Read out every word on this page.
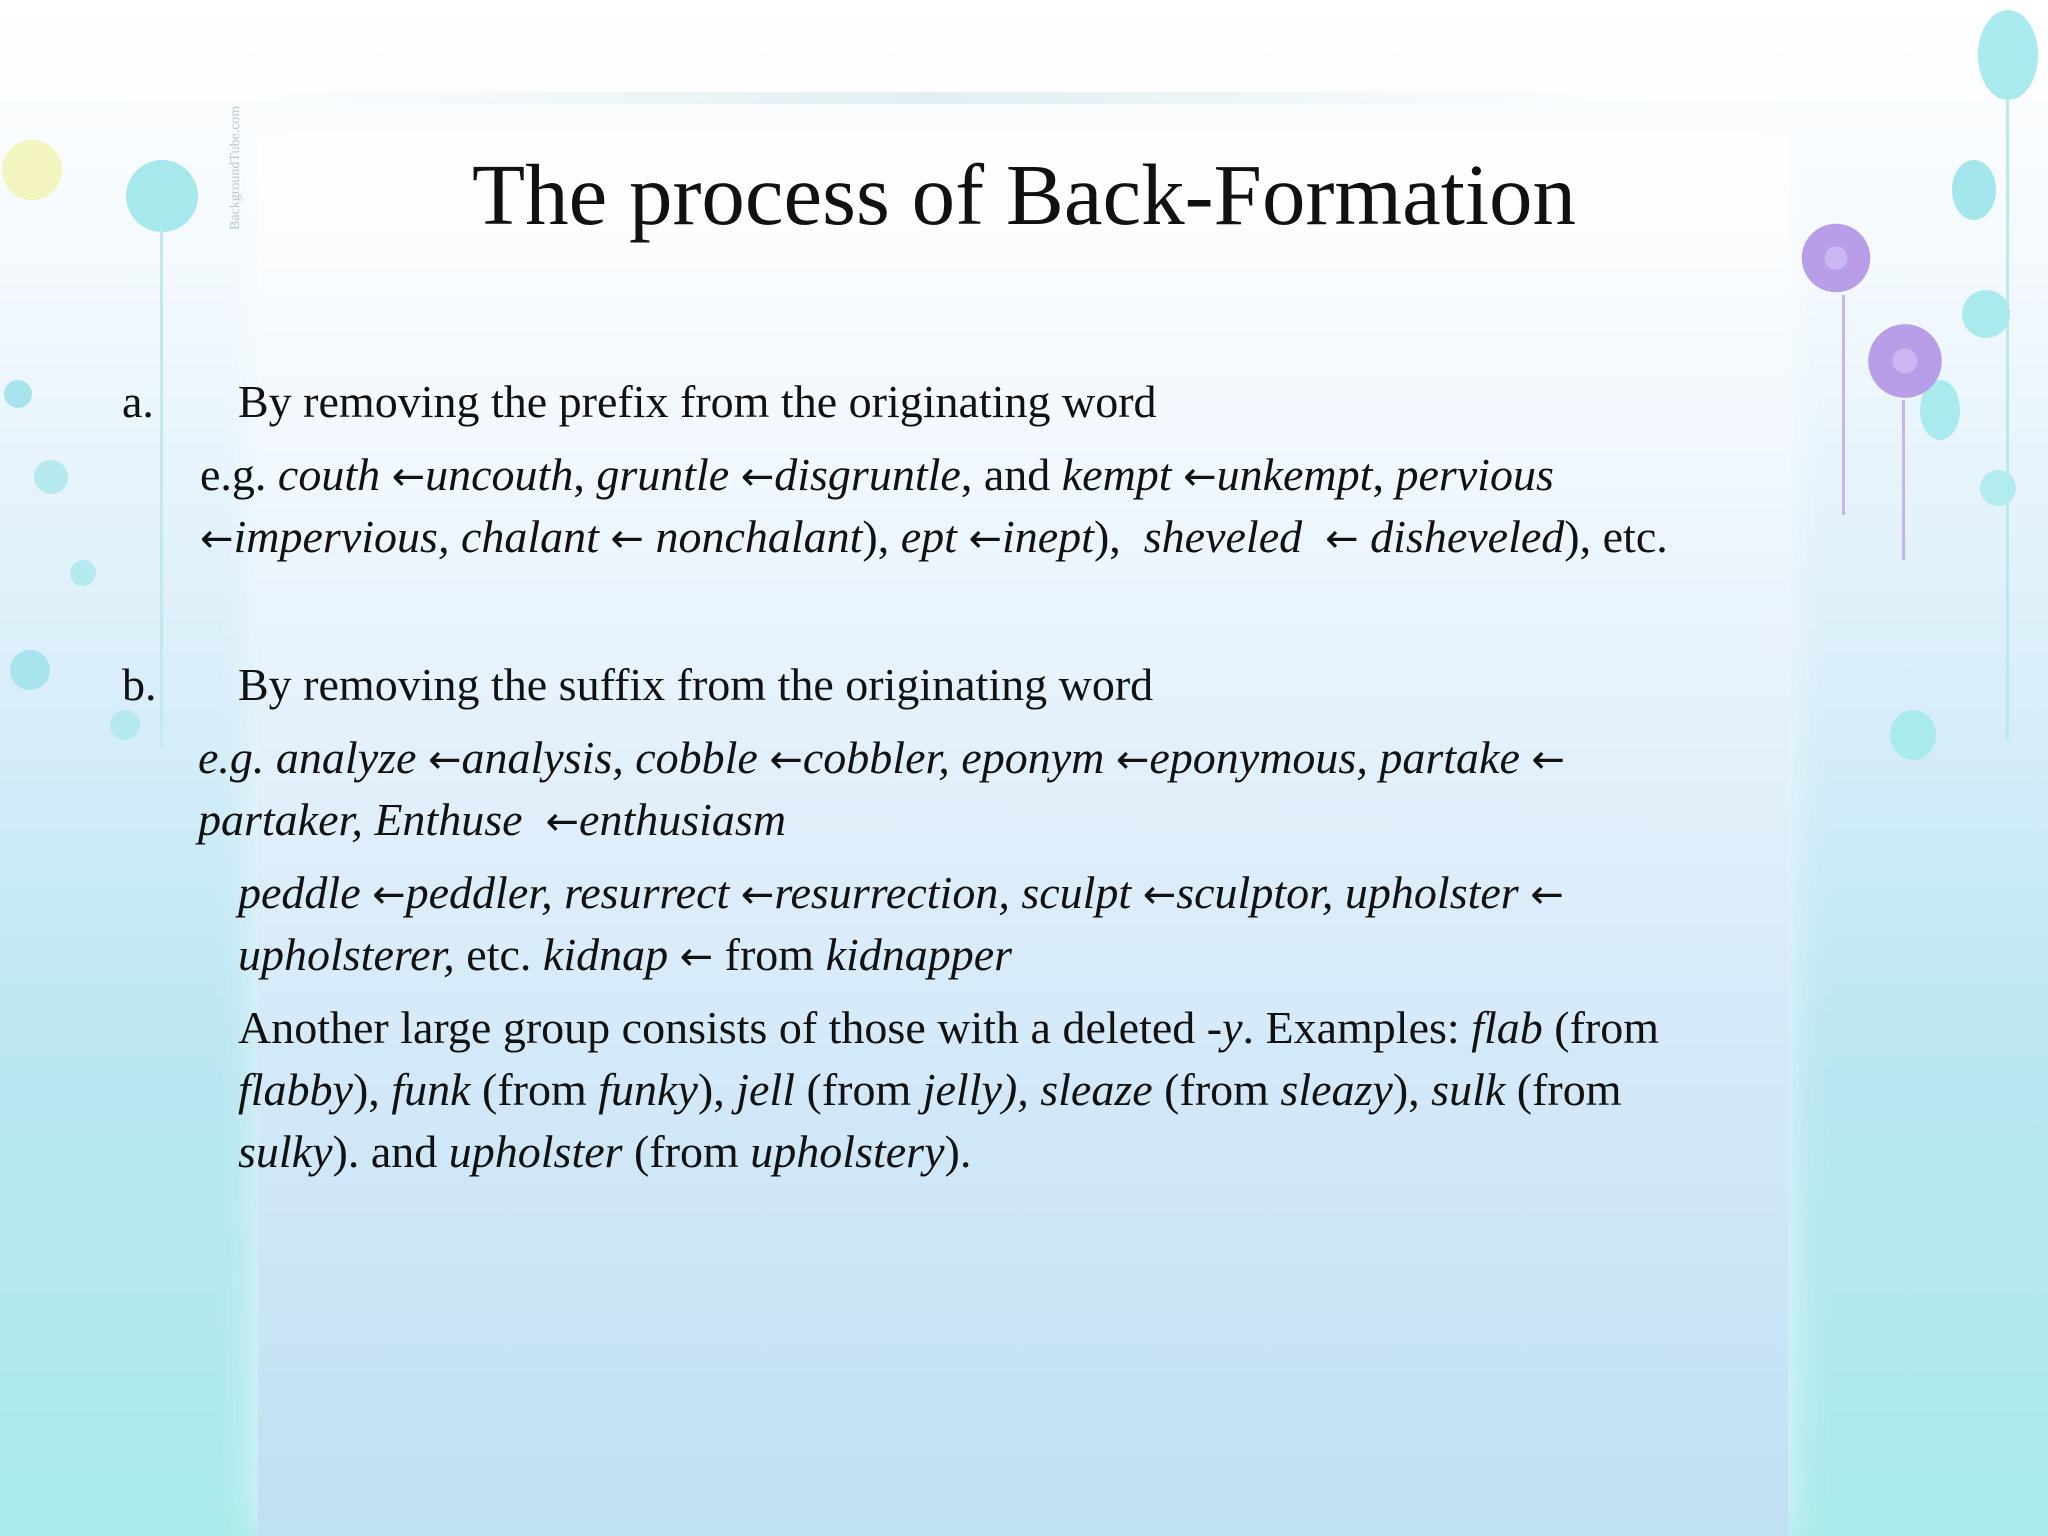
BackgroundTube.com	The process of Back-Formation
a. By removing the prefix from the originating word
e.g. couth ←uncouth, gruntle ←disgruntle, and kempt ←unkempt, pervious
←impervious, chalant ← nonchalant), ept ←inept),  sheveled ← disheveled), etc.
b. By removing the suffix from the originating word
e.g. analyze ←analysis, cobble ←cobbler, eponym ←eponymous, partake ←
partaker, Enthuse ←enthusiasm
peddle ←peddler, resurrect ←resurrection, sculpt ←sculptor, upholster ←
upholsterer, etc. kidnap ← from kidnapper
Another large group consists of those with a deleted -y. Examples: flab (from
flabby), funk (from funky), jell (from jelly), sleaze (from sleazy), sulk (from
sulky). and upholster (from upholstery).
